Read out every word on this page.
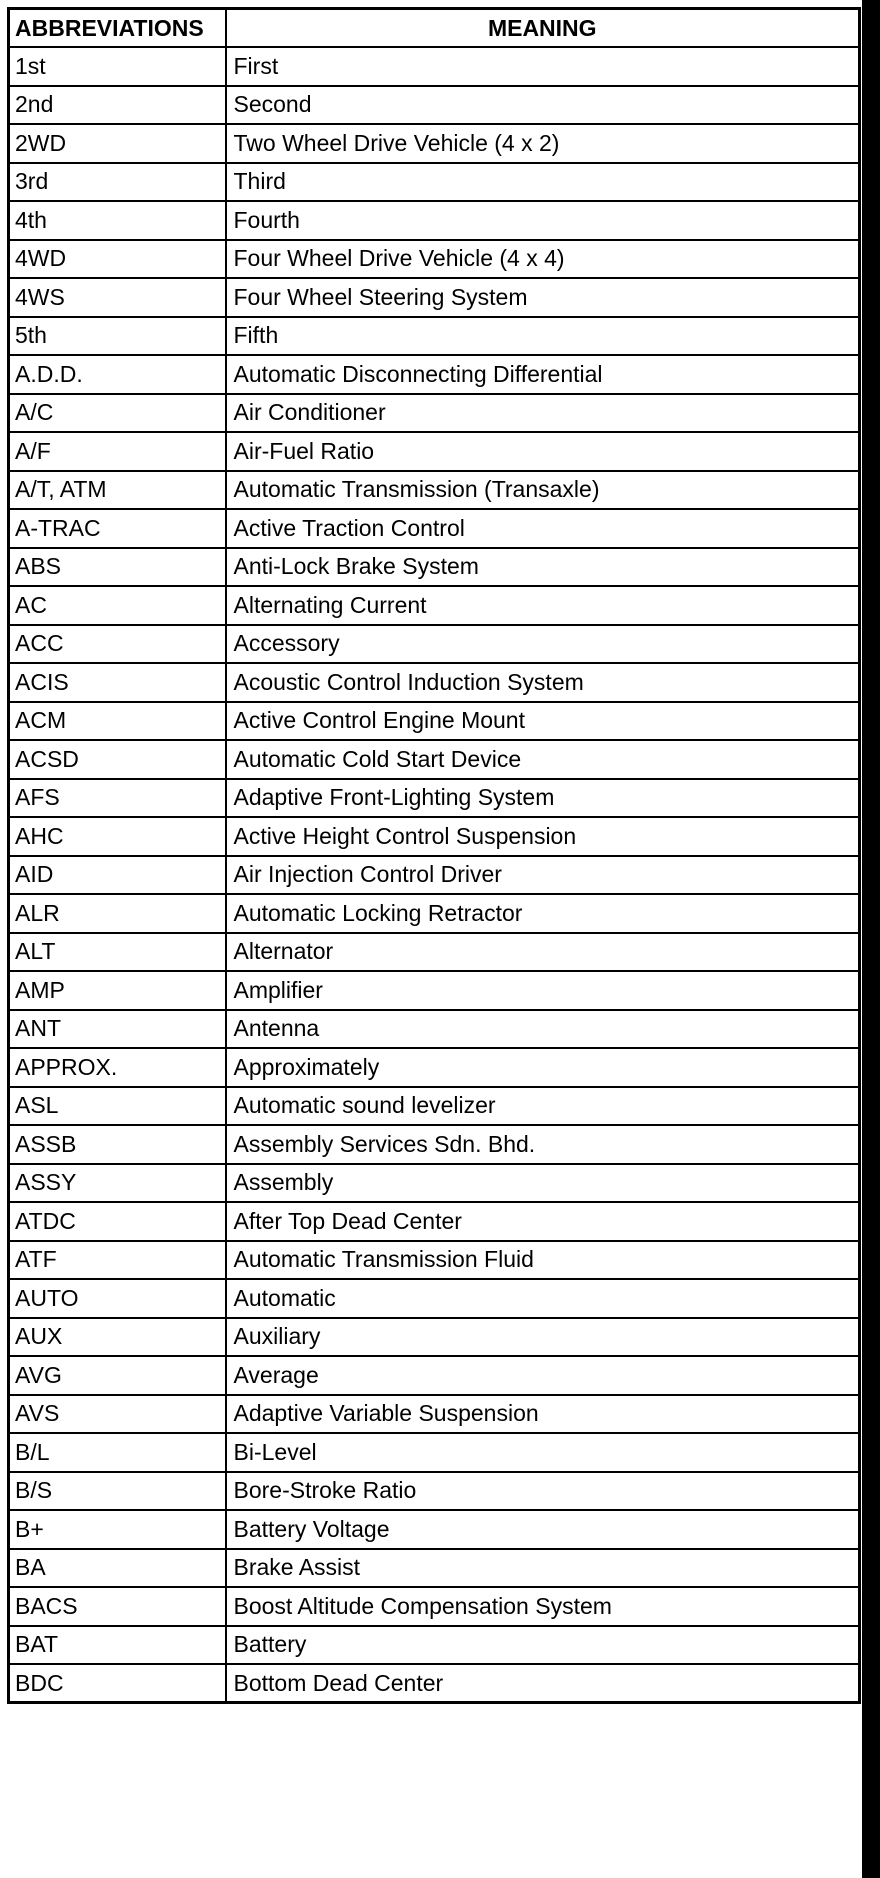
ABBREVIATIONS	MEANING
1st	First
2nd	Second
2WD	Two Wheel Drive Vehicle (4 x 2)
3rd	Third
4th	Fourth
4WD	Four Wheel Drive Vehicle (4 x 4)
4WS	Four Wheel Steering System
5th	Fifth
A.D.D.	Automatic Disconnecting Differential
A/C	Air Conditioner
A/F	Air-Fuel Ratio
A/T, ATM	Automatic Transmission (Transaxle)
A-TRAC	Active Traction Control
ABS	Anti-Lock Brake System
AC	Alternating Current
ACC	Accessory
ACIS	Acoustic Control Induction System
ACM	Active Control Engine Mount
ACSD	Automatic Cold Start Device
AFS	Adaptive Front-Lighting System
AHC	Active Height Control Suspension
AID	Air Injection Control Driver
ALR	Automatic Locking Retractor
ALT	Alternator
AMP	Amplifier
ANT	Antenna
APPROX.	Approximately
ASL	Automatic sound levelizer
ASSB	Assembly Services Sdn. Bhd.
ASSY	Assembly
ATDC	After Top Dead Center
ATF	Automatic Transmission Fluid
AUTO	Automatic
AUX	Auxiliary
AVG	Average
AVS	Adaptive Variable Suspension
B/L	Bi-Level
B/S	Bore-Stroke Ratio
B+	Battery Voltage
BA	Brake Assist
BACS	Boost Altitude Compensation System
BAT	Battery
BDC	Bottom Dead Center
